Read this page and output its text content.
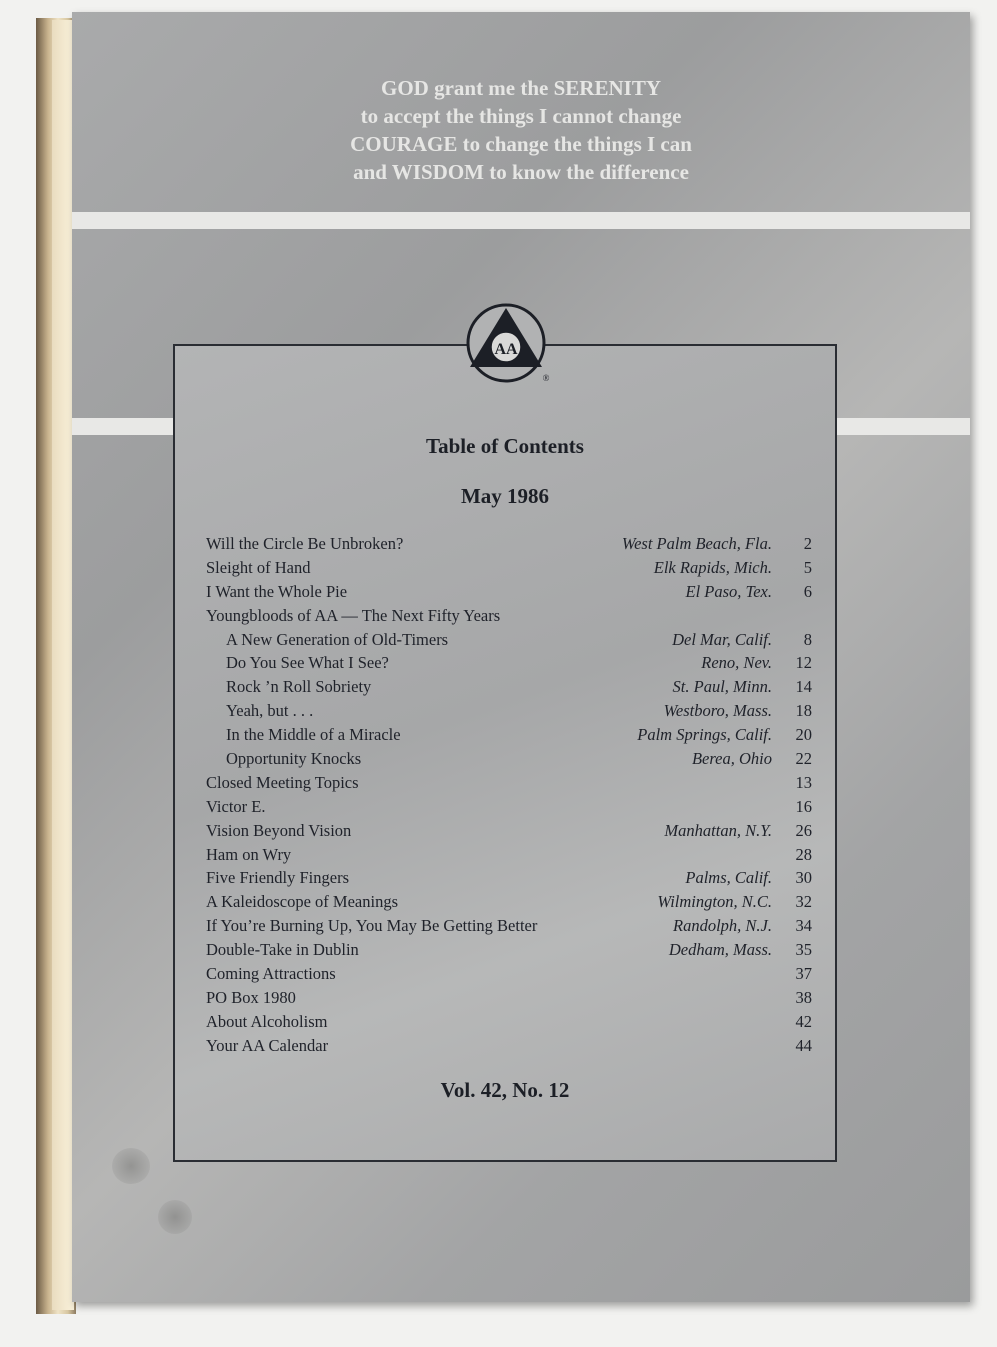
GOD grant me the SERENITY
to accept the things I cannot change
COURAGE to change the things I can
and WISDOM to know the difference
AA
®
Table of Contents
May 1986
Will the Circle Be Unbroken?	West Palm Beach, Fla.	2
Sleight of Hand	Elk Rapids, Mich.	5
I Want the Whole Pie	El Paso, Tex.	6
Youngbloods of AA — The Next Fifty Years
A New Generation of Old-Timers	Del Mar, Calif.	8
Do You See What I See?	Reno, Nev.	12
Rock ’n Roll Sobriety	St. Paul, Minn.	14
Yeah, but . . .	Westboro, Mass.	18
In the Middle of a Miracle	Palm Springs, Calif.	20
Opportunity Knocks	Berea, Ohio	22
Closed Meeting Topics	13
Victor E.	16
Vision Beyond Vision	Manhattan, N.Y.	26
Ham on Wry	28
Five Friendly Fingers	Palms, Calif.	30
A Kaleidoscope of Meanings	Wilmington, N.C.	32
If You’re Burning Up, You May Be Getting Better	Randolph, N.J.	34
Double-Take in Dublin	Dedham, Mass.	35
Coming Attractions	37
PO Box 1980	38
About Alcoholism	42
Your AA Calendar	44
Vol. 42, No. 12
